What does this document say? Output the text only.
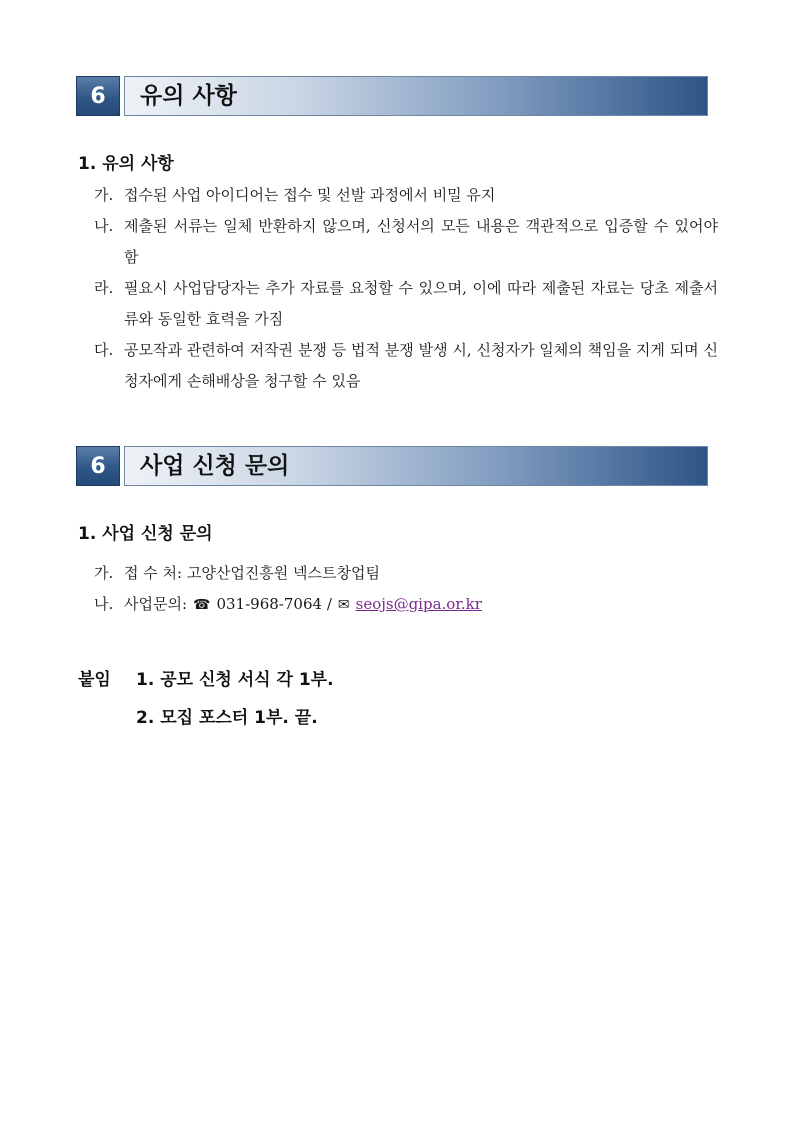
6	유의 사항
1. 유의 사항
가. 접수된 사업 아이디어는 접수 및 선발 과정에서 비밀 유지
나. 제출된 서류는 일체 반환하지 않으며, 신청서의 모든 내용은 객관적으로 입증할 수 있어야 함
라. 필요시 사업담당자는 추가 자료를 요청할 수 있으며, 이에 따라 제출된 자료는 당초 제출서류와 동일한 효력을 가짐
다. 공모작과 관련하여 저작권 분쟁 등 법적 분쟁 발생 시, 신청자가 일체의 책임을 지게 되며 신청자에게 손해배상을 청구할 수 있음
6	사업 신청 문의
1. 사업 신청 문의
가. 접 수 처:
고양산업진흥원 넥스트창업팀
나. 사업문의: ☎ 031-968-7064
/ ✉ seojs@gipa.or.kr
붙임	1. 공모 신청 서식 각 1부.
2. 모집 포스터 1부. 끝.
